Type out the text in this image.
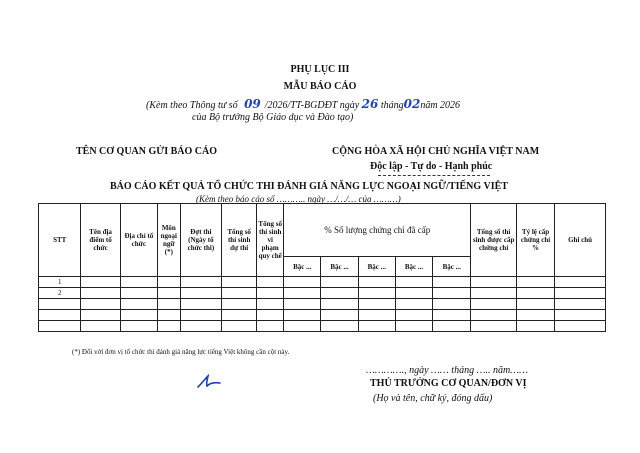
PHỤ LỤC III
MẪU BÁO CÁO
(Kèm theo Thông tư số 09 /2026/TT-BGDĐT ngày 26 tháng02năm 2026
của Bộ trưởng Bộ Giáo dục và Đào tạo)
TÊN CƠ QUAN GỬI BÁO CÁO	CỘNG HÒA XÃ HỘI CHỦ NGHĨA VIỆT NAM
Độc lập - Tự do - Hạnh phúc
BÁO CÁO KẾT QUẢ TỔ CHỨC THI ĐÁNH GIÁ NĂNG LỰC NGOẠI NGỮ/TIẾNG VIỆT
(Kèm theo báo cáo số ……….. ngày …/…/… của ………)
STT	Tên địa điểm tổ chức	Địa chỉ tổ chức	Môn ngoại ngữ (*)	Đợt thi (Ngày tổ chức thi)	Tổng số thí sinh dự thi	Tổng số thí sinh vi phạm quy chế	% Số lượng chứng chỉ đã cấp					Tổng số thí sinh được cấp chứng chỉ	Tỷ lệ cấp chứng chỉ %	Ghi chú
							Bậc ...	Bậc ...	Bậc ...	Bậc ...	Bậc ...			
1														
2														

(*) Đối với đơn vị tổ chức thi đánh giá năng lực tiếng Việt không cần cột này.
…………., ngày …… tháng ….. năm……
THỦ TRƯỞNG CƠ QUAN/ĐƠN VỊ
(Họ và tên, chữ ký, đóng dấu)
